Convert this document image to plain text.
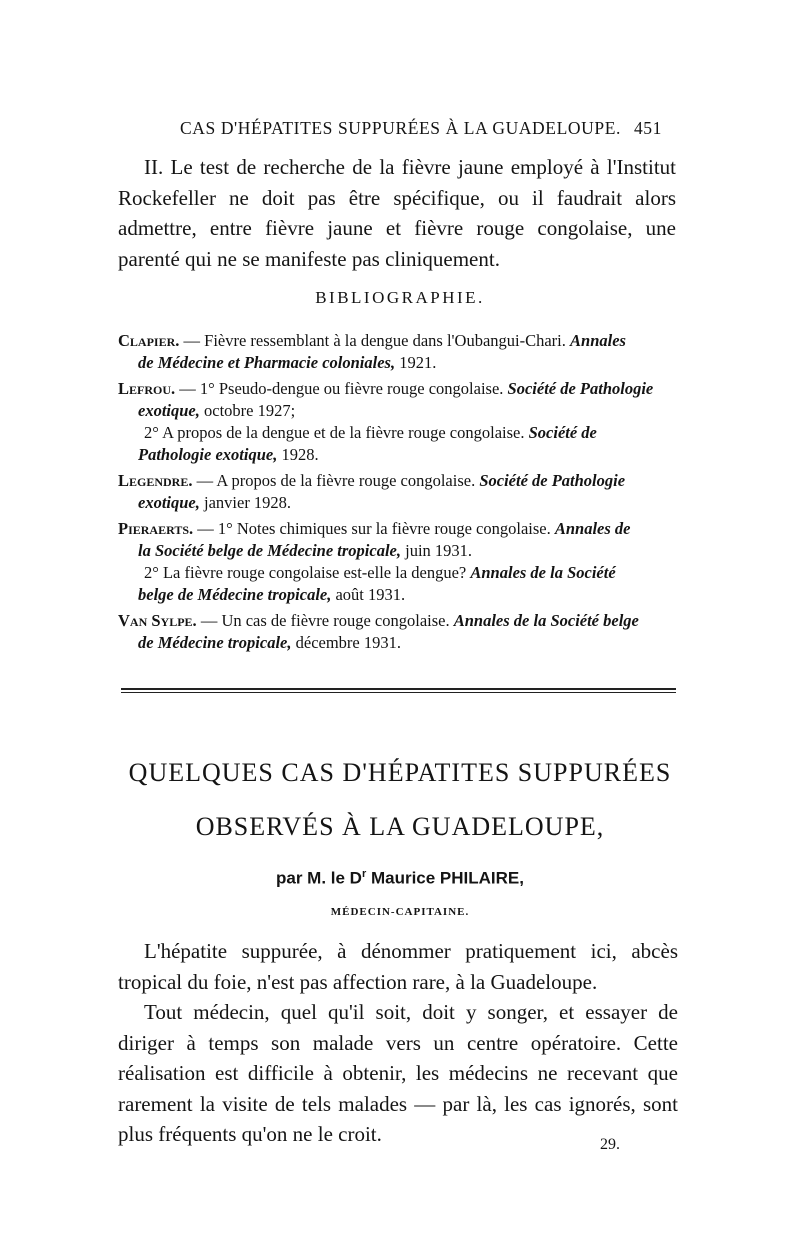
CAS D'HÉPATITES SUPPURÉES À LA GUADELOUPE. 451
II. Le test de recherche de la fièvre jaune employé à l'Institut Rockefeller ne doit pas être spécifique, ou il faudrait alors admettre, entre fièvre jaune et fièvre rouge congolaise, une parenté qui ne se manifeste pas cliniquement.
BIBLIOGRAPHIE.
Clapier. — Fièvre ressemblant à la dengue dans l'Oubangui-Chari. Annales
de Médecine et Pharmacie coloniales, 1921.
Lefrou. — 1° Pseudo-dengue ou fièvre rouge congolaise. Société de Pathologie
exotique, octobre 1927;
2° A propos de la dengue et de la fièvre rouge congolaise. Société de
Pathologie exotique, 1928.
Legendre. — A propos de la fièvre rouge congolaise. Société de Pathologie
exotique, janvier 1928.
Pieraerts. — 1° Notes chimiques sur la fièvre rouge congolaise. Annales de
la Société belge de Médecine tropicale, juin 1931.
2° La fièvre rouge congolaise est-elle la dengue? Annales de la Société
belge de Médecine tropicale, août 1931.
Van Sylpe. — Un cas de fièvre rouge congolaise. Annales de la Société belge
de Médecine tropicale, décembre 1931.
QUELQUES CAS D'HÉPATITES SUPPURÉES
OBSERVÉS À LA GUADELOUPE,
par M. le $D^r$ Maurice PHILAIRE,
MÉDECIN-CAPITAINE.

L'hépatite suppurée, à dénommer pratiquement ici, abcès tropical du foie, n'est pas affection rare, à la Guadeloupe.

Tout médecin, quel qu'il soit, doit y songer, et essayer de diriger à temps son malade vers un centre opératoire. Cette réalisation est difficile à obtenir, les médecins ne recevant que rarement la visite de tels malades — par là, les cas ignorés, sont plus fréquents qu'on ne le croit.	29.
